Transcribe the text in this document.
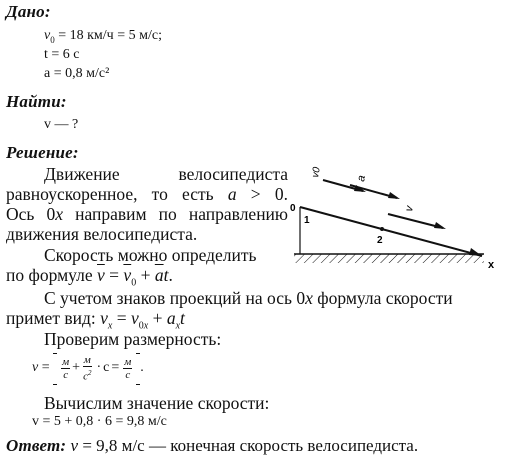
Дано:
$v_0 = 18$ км/ч = 5 м/с;
t = 6 с
a = 0,8 м/с²
Найти:
v — ?
Решение:
Движение велосипедиста
равноускоренное, то есть a > 0.
Ось 0x направим по направлению
движения велосипедиста.
Скорость можно определить
по формуле $\overline{v} = \overline{v}_0 + \overline{a}t$.
С учетом знаков проекций на ось 0x формула скорости
примет вид: $v_x = v_{0x} + a_xt$
Проверим размерность:
$v = \frac{м}{с} + \frac{м}{с^2} \cdot с = \frac{м}{с}$ .
Вычислим значение скорости:
v = 5 + 0,8 · 6 = 9,8 м/с
Ответ: v = 9,8 м/с — конечная скорость велосипедиста.
0
1
2
x
v0	a
v
